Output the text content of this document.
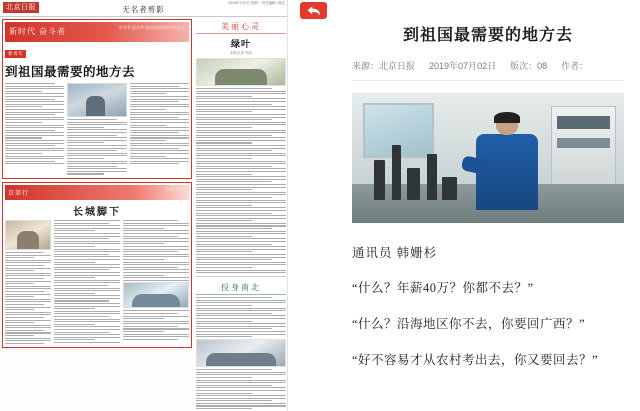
北京日报	无名者剪影
2019年7月2日 星期二 责任编辑 / 版式
新时代 奋斗者	毕业季 就业季 到祖国最需要的地方去
新青年
到祖国最需要的地方去
京郊行
走基层 访民情
长城脚下
美丽心灵
绿叶
本报记者 李岩
投身南北
到祖国最需要的地方去
来源：北京日报 2019年07月02日 版次：08 作者：
通讯员 韩姗杉
“什么？年薪40万？你都不去？”
“什么？沿海地区你不去，你要回广西？”
“好不容易才从农村考出去，你又要回去？”
